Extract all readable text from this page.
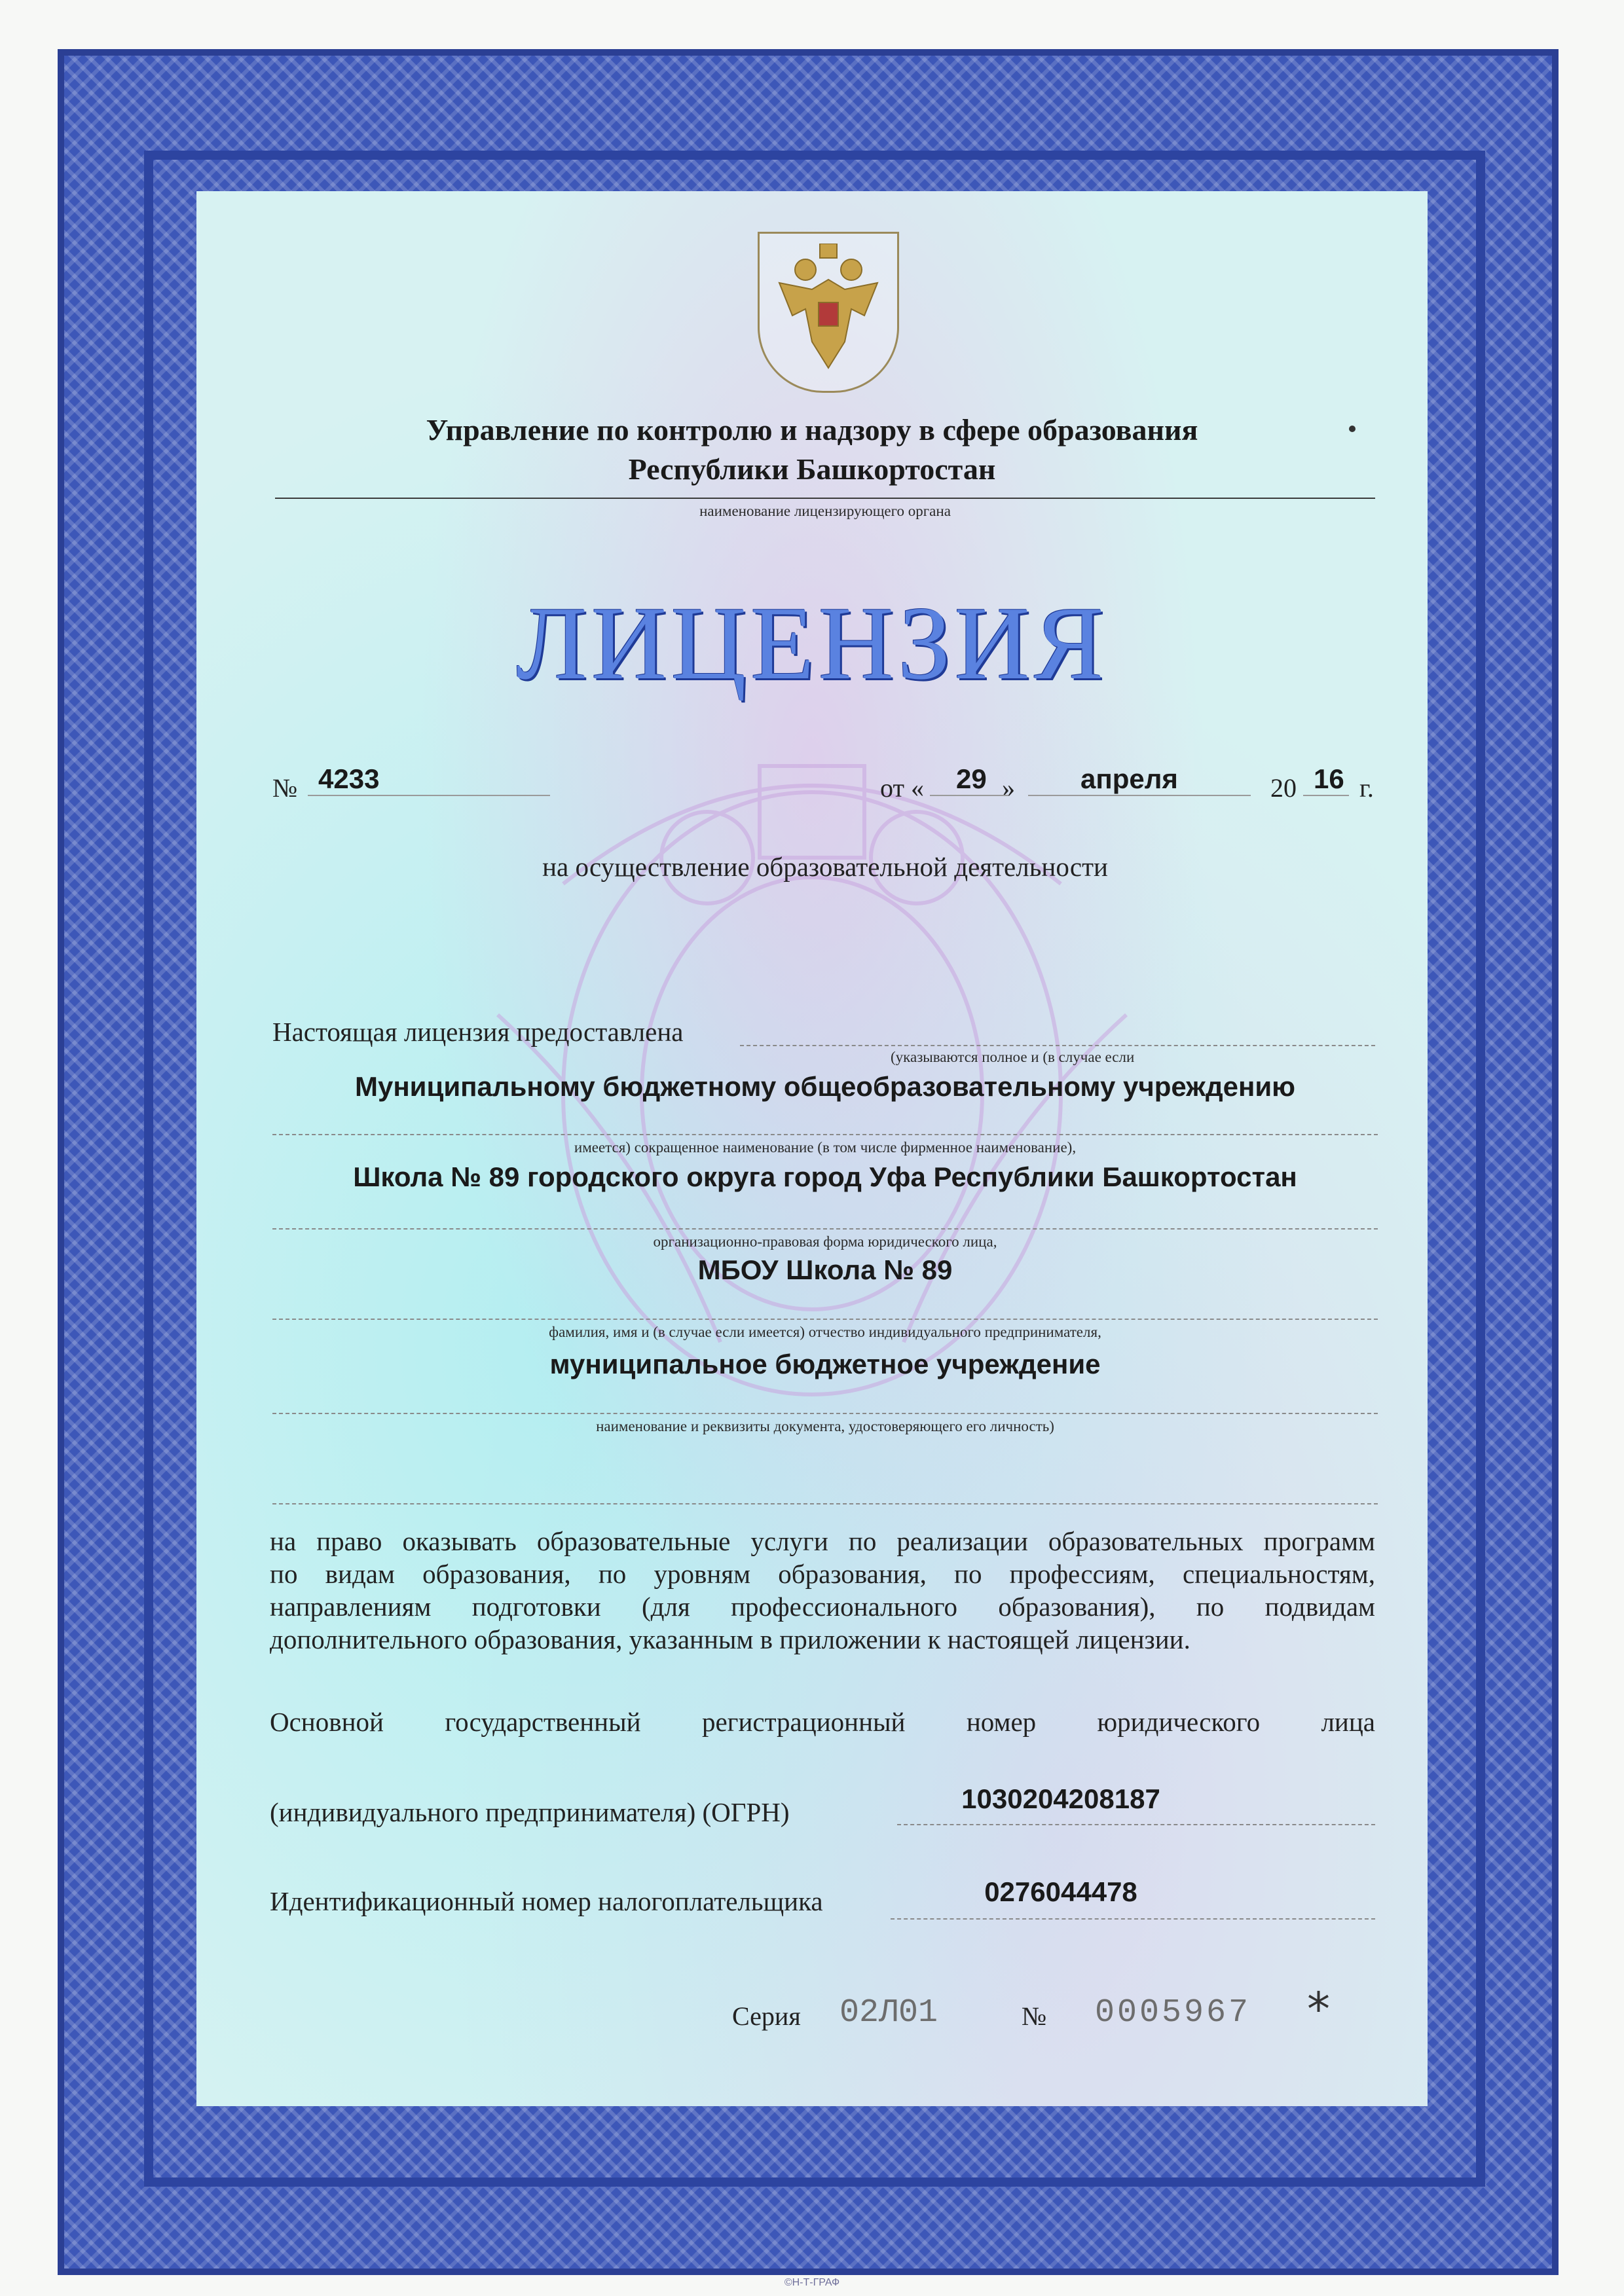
Управление по контролю и надзору в сфере образования
Республики Башкортостан
наименование лицензирующего органа
ЛИЦЕНЗИЯ
№ 4233	от « 29 » апреля	20 16 г.
на осуществление образовательной деятельности
Настоящая лицензия предоставлена
(указываются полное и (в случае если
Муниципальному бюджетному общеобразовательному учреждению
имеется) сокращенное наименование (в том числе фирменное наименование),
Школа № 89 городского округа город Уфа Республики Башкортостан
организационно-правовая форма юридического лица,
МБОУ Школа № 89
фамилия, имя и (в случае если имеется) отчество индивидуального предпринимателя,
муниципальное бюджетное учреждение
наименование и реквизиты документа, удостоверяющего его личность)
на право оказывать образовательные услуги по реализации образовательных программ
по видам образования, по уровням образования, по профессиям, специальностям,
направлениям подготовки (для профессионального образования), по подвидам
дополнительного образования, указанным в приложении к настоящей лицензии.
Основной государственный регистрационный номер юридического лица
(индивидуального предпринимателя) (ОГРН)	1030204208187
Идентификационный номер налогоплательщика	0276044478
Серия 02Л01	№ 0005967 *
©Н-Т-ГРАФ
